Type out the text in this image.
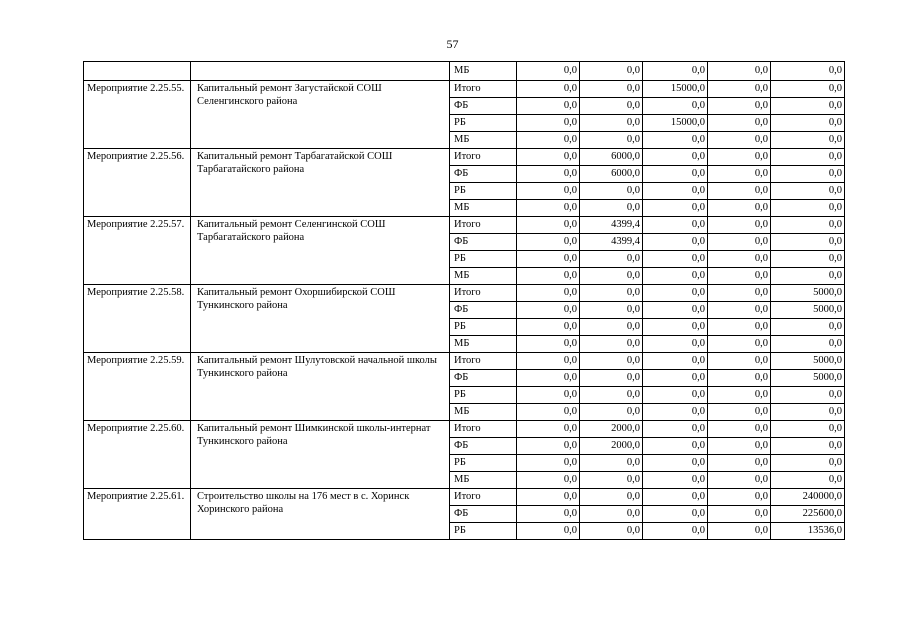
57
		МБ	0,0	0,0	0,0	0,0	0,0
Мероприятие 2.25.55.	Капитальный ремонт Загустайской СОШ Селенгинского района	Итого	0,0	0,0	15000,0	0,0	0,0
		ФБ	0,0	0,0	0,0	0,0	0,0
		РБ	0,0	0,0	15000,0	0,0	0,0
		МБ	0,0	0,0	0,0	0,0	0,0
Мероприятие 2.25.56.	Капитальный ремонт Тарбагатайской СОШ Тарбагатайского района	Итого	0,0	6000,0	0,0	0,0	0,0
		ФБ	0,0	6000,0	0,0	0,0	0,0
		РБ	0,0	0,0	0,0	0,0	0,0
		МБ	0,0	0,0	0,0	0,0	0,0
Мероприятие 2.25.57.	Капитальный ремонт Селенгинской СОШ Тарбагатайского района	Итого	0,0	4399,4	0,0	0,0	0,0
		ФБ	0,0	4399,4	0,0	0,0	0,0
		РБ	0,0	0,0	0,0	0,0	0,0
		МБ	0,0	0,0	0,0	0,0	0,0
Мероприятие 2.25.58.	Капитальный ремонт Охоршибирской СОШ Тункинского района	Итого	0,0	0,0	0,0	0,0	5000,0
		ФБ	0,0	0,0	0,0	0,0	5000,0
		РБ	0,0	0,0	0,0	0,0	0,0
		МБ	0,0	0,0	0,0	0,0	0,0
Мероприятие 2.25.59.	Капитальный ремонт Шулутовской начальной школы Тункинского района	Итого	0,0	0,0	0,0	0,0	5000,0
		ФБ	0,0	0,0	0,0	0,0	5000,0
		РБ	0,0	0,0	0,0	0,0	0,0
		МБ	0,0	0,0	0,0	0,0	0,0
Мероприятие 2.25.60.	Капитальный ремонт Шимкинской школы-интернат Тункинского района	Итого	0,0	2000,0	0,0	0,0	0,0
		ФБ	0,0	2000,0	0,0	0,0	0,0
		РБ	0,0	0,0	0,0	0,0	0,0
		МБ	0,0	0,0	0,0	0,0	0,0
Мероприятие 2.25.61.	Строительство школы на 176 мест в с. Хоринск Хоринского района	Итого	0,0	0,0	0,0	0,0	240000,0
		ФБ	0,0	0,0	0,0	0,0	225600,0
		РБ	0,0	0,0	0,0	0,0	13536,0
